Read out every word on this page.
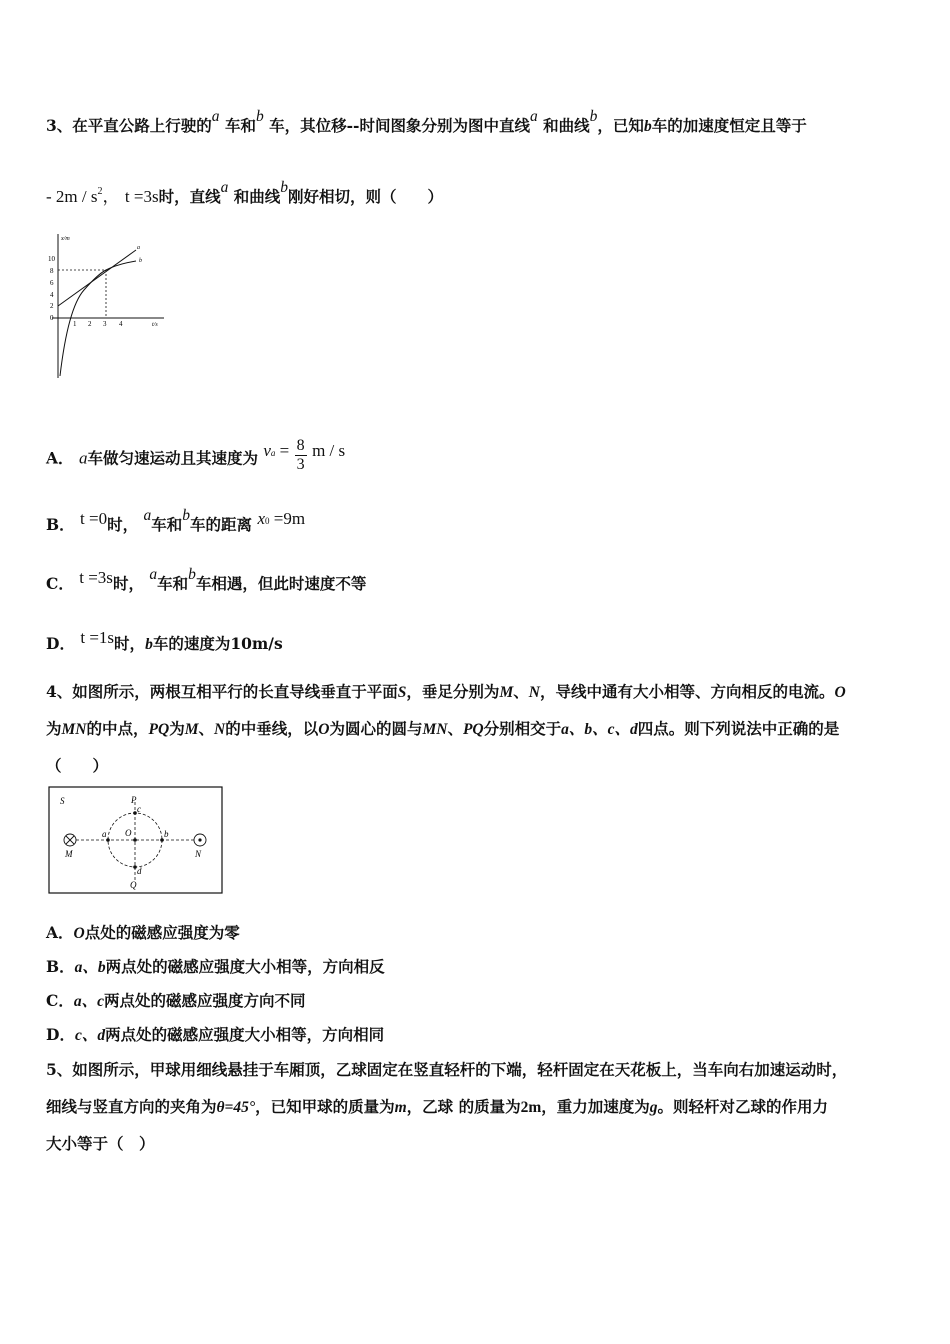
3、在平直公路上行驶的a 车和b 车，其位移--时间图象分别为图中直线a 和曲线b，已知b车的加速度恒定且等于
- $2m / s^2$， t =3s时，直线a 和曲线b刚好相切，则（　　）
x/m
t/s
10
8
6
4
2
0
1 2 3 4
a
b
A． a车做匀速运动且其速度为 va = $\frac{8}{3}$ m / s
B． t =0时， a车和b车的距离 x0 =9m
C． t =3s时， a车和b车相遇，但此时速度不等
D． t =1s时，b车的速度为10m/s
4、如图所示，两根互相平行的长直导线垂直于平面S，垂足分别为M、N，导线中通有大小相等、方向相反的电流。O
为MN的中点，PQ为M、N的中垂线，以O为圆心的圆与MN、PQ分别相交于a、b、c、d四点。则下列说法中正确的是
（　　）
S	P
c
a O	b
M	N
d
Q
A．O点处的磁感应强度为零
B．a、b两点处的磁感应强度大小相等，方向相反
C．a、c两点处的磁感应强度方向不同
D．c、d两点处的磁感应强度大小相等，方向相同
5、如图所示，甲球用细线悬挂于车厢顶，乙球固定在竖直轻杆的下端，轻杆固定在天花板上，当车向右加速运动时，
细线与竖直方向的夹角为θ=45°，已知甲球的质量为m，乙球 的质量为2m，重力加速度为g。则轻杆对乙球的作用力
大小等于（　）
